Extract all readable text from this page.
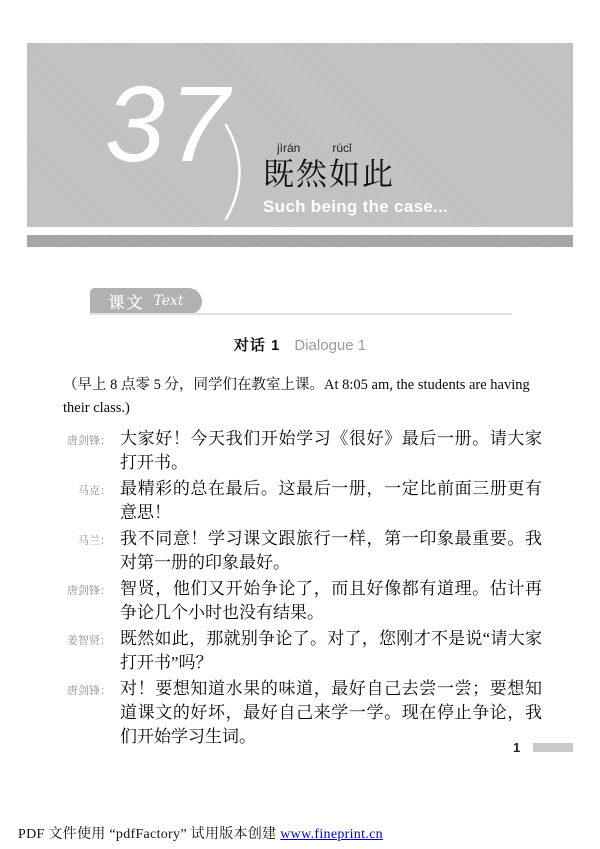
37	jìrán	rúcǐ
既然如此
Such being the case...
课文 Text
对话 1 Dialogue 1

（早上 8 点零 5 分，同学们在教室上课。At 8:05 am, the students are having their class.)

唐剑锋： 大家好！今天我们开始学习《很好》最后一册。请大家打开书。

马克： 最精彩的总在最后。这最后一册，一定比前面三册更有意思！

马兰： 我不同意！学习课文跟旅行一样，第一印象最重要。我对第一册的印象最好。

唐剑锋： 智贤，他们又开始争论了，而且好像都有道理。估计再争论几个小时也没有结果。

姜智贤： 既然如此，那就别争论了。对了，您刚才不是说“请大家打开书”吗？

唐剑锋： 对！要想知道水果的味道，最好自己去尝一尝；要想知道课文的好坏，最好自己来学一学。现在停止争论，我们开始学习生词。

1
PDF 文件使用 “pdfFactory” 试用版本创建 www.fineprint.cn
